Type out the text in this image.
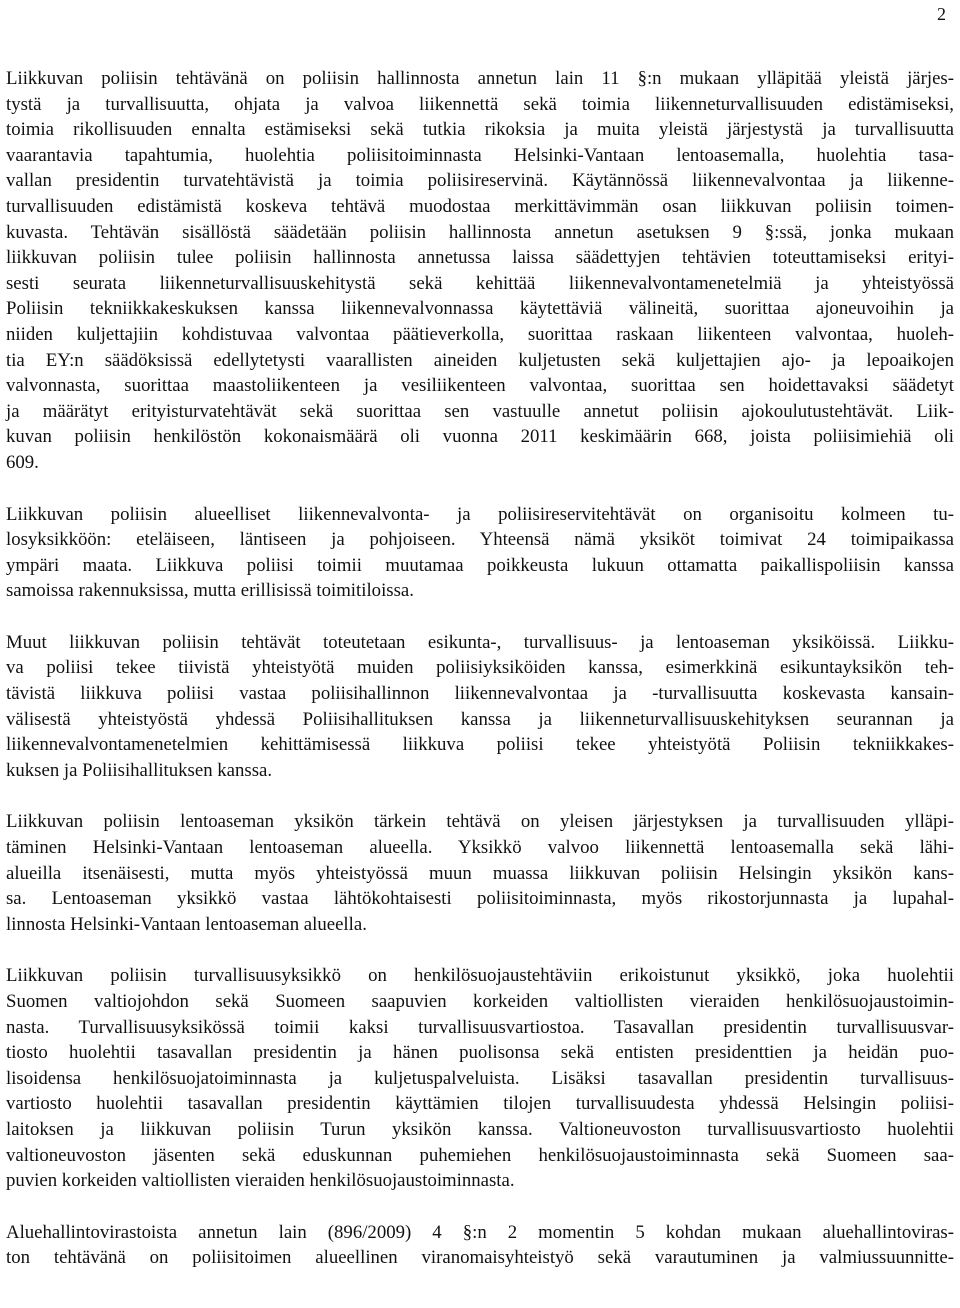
2

Liikkuvan poliisin tehtävänä on poliisin hallinnosta annetun lain 11 §:n mukaan ylläpitää yleistä järjes-
tystä ja turvallisuutta, ohjata ja valvoa liikennettä sekä toimia liikenneturvallisuuden edistämiseksi,
toimia rikollisuuden ennalta estämiseksi sekä tutkia rikoksia ja muita yleistä järjestystä ja turvallisuutta
vaarantavia tapahtumia, huolehtia poliisitoiminnasta Helsinki-Vantaan lentoasemalla, huolehtia tasa-
vallan presidentin turvatehtävistä ja toimia poliisireservinä. Käytännössä liikennevalvontaa ja liikenne-
turvallisuuden edistämistä koskeva tehtävä muodostaa merkittävimmän osan liikkuvan poliisin toimen-
kuvasta. Tehtävän sisällöstä säädetään poliisin hallinnosta annetun asetuksen 9 §:ssä, jonka mukaan
liikkuvan poliisin tulee poliisin hallinnosta annetussa laissa säädettyjen tehtävien toteuttamiseksi erityi-
sesti seurata liikenneturvallisuuskehitystä sekä kehittää liikennevalvontamenetelmiä ja yhteistyössä
Poliisin tekniikkakeskuksen kanssa liikennevalvonnassa käytettäviä välineitä, suorittaa ajoneuvoihin ja
niiden kuljettajiin kohdistuvaa valvontaa päätieverkolla, suorittaa raskaan liikenteen valvontaa, huoleh-
tia EY:n säädöksissä edellytetysti vaarallisten aineiden kuljetusten sekä kuljettajien ajo- ja lepoaikojen
valvonnasta, suorittaa maastoliikenteen ja vesiliikenteen valvontaa, suorittaa sen hoidettavaksi säädetyt
ja määrätyt erityisturvatehtävät sekä suorittaa sen vastuulle annetut poliisin ajokoulutustehtävät. Liik-
kuvan poliisin henkilöstön kokonaismäärä oli vuonna 2011 keskimäärin 668, joista poliisimiehiä oli
609.

Liikkuvan poliisin alueelliset liikennevalvonta- ja poliisireservitehtävät on organisoitu kolmeen tu-
losyksikköön: eteläiseen, läntiseen ja pohjoiseen. Yhteensä nämä yksiköt toimivat 24 toimipaikassa
ympäri maata. Liikkuva poliisi toimii muutamaa poikkeusta lukuun ottamatta paikallispoliisin kanssa
samoissa rakennuksissa, mutta erillisissä toimitiloissa.

Muut liikkuvan poliisin tehtävät toteutetaan esikunta-, turvallisuus- ja lentoaseman yksiköissä. Liikku-
va poliisi tekee tiivistä yhteistyötä muiden poliisiyksiköiden kanssa, esimerkkinä esikuntayksikön teh-
tävistä liikkuva poliisi vastaa poliisihallinnon liikennevalvontaa ja -turvallisuutta koskevasta kansain-
välisestä yhteistyöstä yhdessä Poliisihallituksen kanssa ja liikenneturvallisuuskehityksen seurannan ja
liikennevalvontamenetelmien kehittämisessä liikkuva poliisi tekee yhteistyötä Poliisin tekniikkakes-
kuksen ja Poliisihallituksen kanssa.

Liikkuvan poliisin lentoaseman yksikön tärkein tehtävä on yleisen järjestyksen ja turvallisuuden ylläpi-
täminen Helsinki-Vantaan lentoaseman alueella. Yksikkö valvoo liikennettä lentoasemalla sekä lähi-
alueilla itsenäisesti, mutta myös yhteistyössä muun muassa liikkuvan poliisin Helsingin yksikön kans-
sa. Lentoaseman yksikkö vastaa lähtökohtaisesti poliisitoiminnasta, myös rikostorjunnasta ja lupahal-
linnosta Helsinki-Vantaan lentoaseman alueella.

Liikkuvan poliisin turvallisuusyksikkö on henkilösuojaustehtäviin erikoistunut yksikkö, joka huolehtii
Suomen valtiojohdon sekä Suomeen saapuvien korkeiden valtiollisten vieraiden henkilösuojaustoimin-
nasta. Turvallisuusyksikössä toimii kaksi turvallisuusvartiostoa. Tasavallan presidentin turvallisuusvar-
tiosto huolehtii tasavallan presidentin ja hänen puolisonsa sekä entisten presidenttien ja heidän puo-
lisoidensa henkilösuojatoiminnasta ja kuljetuspalveluista. Lisäksi tasavallan presidentin turvallisuus-
vartiosto huolehtii tasavallan presidentin käyttämien tilojen turvallisuudesta yhdessä Helsingin poliisi-
laitoksen ja liikkuvan poliisin Turun yksikön kanssa. Valtioneuvoston turvallisuusvartiosto huolehtii
valtioneuvoston jäsenten sekä eduskunnan puhemiehen henkilösuojaustoiminnasta sekä Suomeen saa-
puvien korkeiden valtiollisten vieraiden henkilösuojaustoiminnasta.

Aluehallintovirastoista annetun lain (896/2009) 4 §:n 2 momentin 5 kohdan mukaan aluehallintoviras-
ton tehtävänä on poliisitoimen alueellinen viranomaisyhteistyö sekä varautuminen ja valmiussuunnitte-
